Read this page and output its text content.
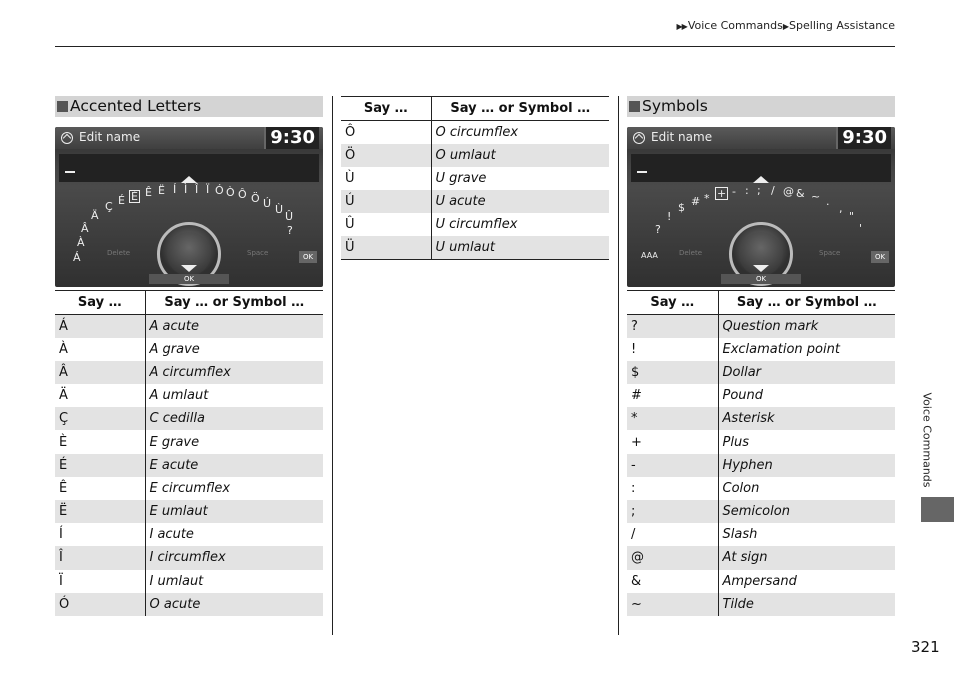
▶▶Voice Commands▶Spelling Assistance
Accented Letters
Edit name	9:30
Á
À
Â
Ä
Ç É È Ê Ë Í Ì Î Ï Ó Ò Ô Ö Ú Ù
Û
?
Delete	Space	OK
OK
Say …	Say … or Symbol …
Á	A acute
À	A grave
Â	A circumflex
Ä	A umlaut
Ç	C cedilla
È	E grave
É	E acute
Ê	E circumflex
Ë	E umlaut
Í	I acute
Î	I circumflex
Ï	I umlaut
Ó	O acute
Say …	Say … or Symbol …
Ô	O circumflex
Ö	O umlaut
Ù	U grave
Ú	U acute
Û	U circumflex
Ü	U umlaut
Symbols
Edit name	9:30
?
!
$ # * + - : ; / @ & ~ .
,
"
'
AAA	Delete	Space	OK
OK
Say …	Say … or Symbol …
?	Question mark
!	Exclamation point
$	Dollar
#	Pound
*	Asterisk
+	Plus
-	Hyphen
:	Colon
;	Semicolon
/	Slash
@	At sign
&	Ampersand
~	Tilde
Voice Commands
321
